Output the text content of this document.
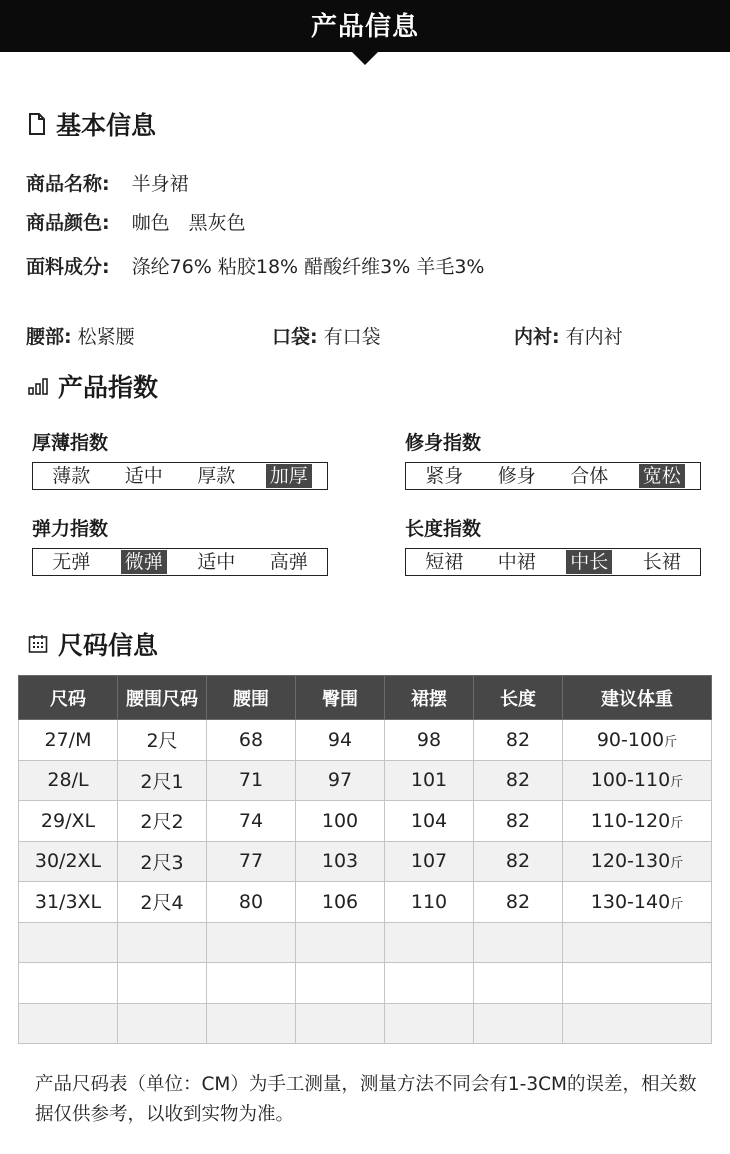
产品信息
基本信息
商品名称: 半身裙
商品颜色: 咖色　黑灰色
面料成分: 涤纶76% 粘胶18% 醋酸纤维3% 羊毛3%
腰部: 松紧腰	口袋: 有口袋	内衬: 有内衬
产品指数
厚薄指数
薄款 适中 厚款 加厚
修身指数
紧身 修身 合体 宽松
弹力指数
无弹 微弹 适中 高弹
长度指数
短裙 中裙 中长 长裙
尺码信息
尺码	腰围尺码	腰围	臀围	裙摆	长度	建议体重
27/M	2尺	68	94	98	82	90-100斤
28/L	2尺1	71	97	101	82	100-110斤
29/XL	2尺2	74	100	104	82	110-120斤
30/2XL	2尺3	77	103	107	82	120-130斤
31/3XL	2尺4	80	106	110	82	130-140斤

产品尺码表（单位：CM）为手工测量，测量方法不同会有1-3CM的误差，相关数据仅供参考，以收到实物为准。
